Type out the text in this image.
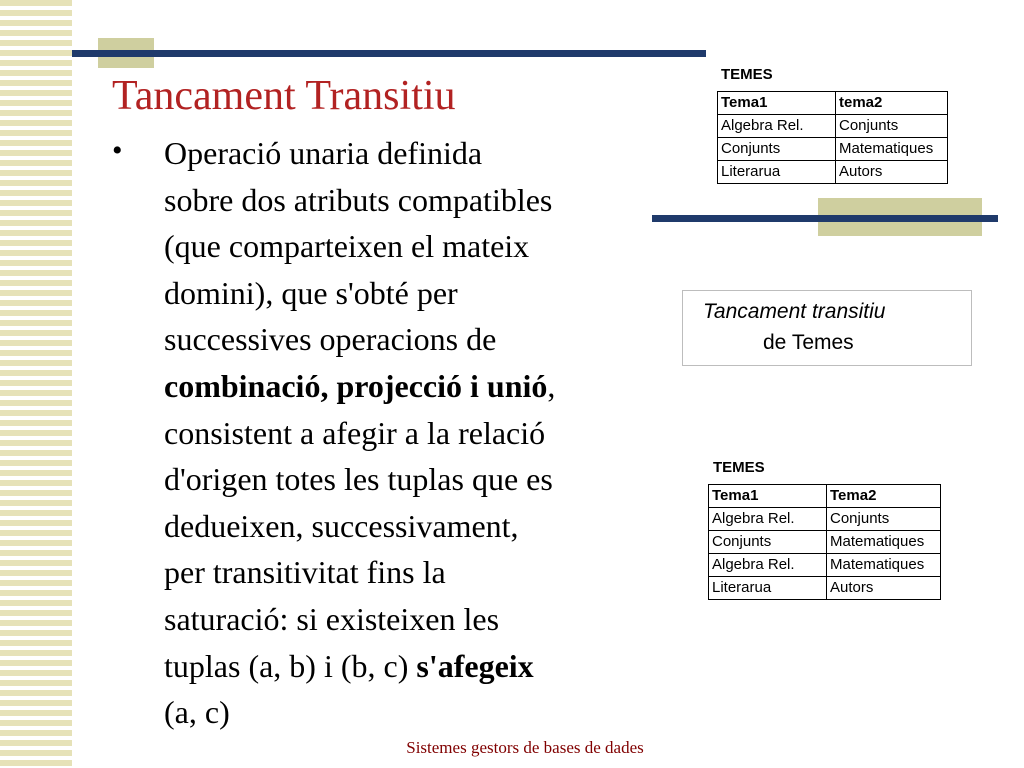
Tancament Transitiu
• Operació unaria definida
sobre dos atributs compatibles
(que comparteixen el mateix
domini), que s'obté per
successives operacions de
combinació, projecció i unió,
consistent a afegir a la relació
d'origen totes les tuplas que es
dedueixen, successivament,
per transitivitat fins la
saturació: si existeixen les
tuplas (a, b) i (b, c) s'afegeix
(a, c)
TEMES
Tema1	tema2
Algebra Rel.	Conjunts
Conjunts	Matematiques
Literarua	Autors
Tancament transitiu
de Temes
TEMES
Tema1	Tema2
Algebra Rel.	Conjunts
Conjunts	Matematiques
Algebra Rel.	Matematiques
Literarua	Autors
Sistemes gestors de bases de dades
